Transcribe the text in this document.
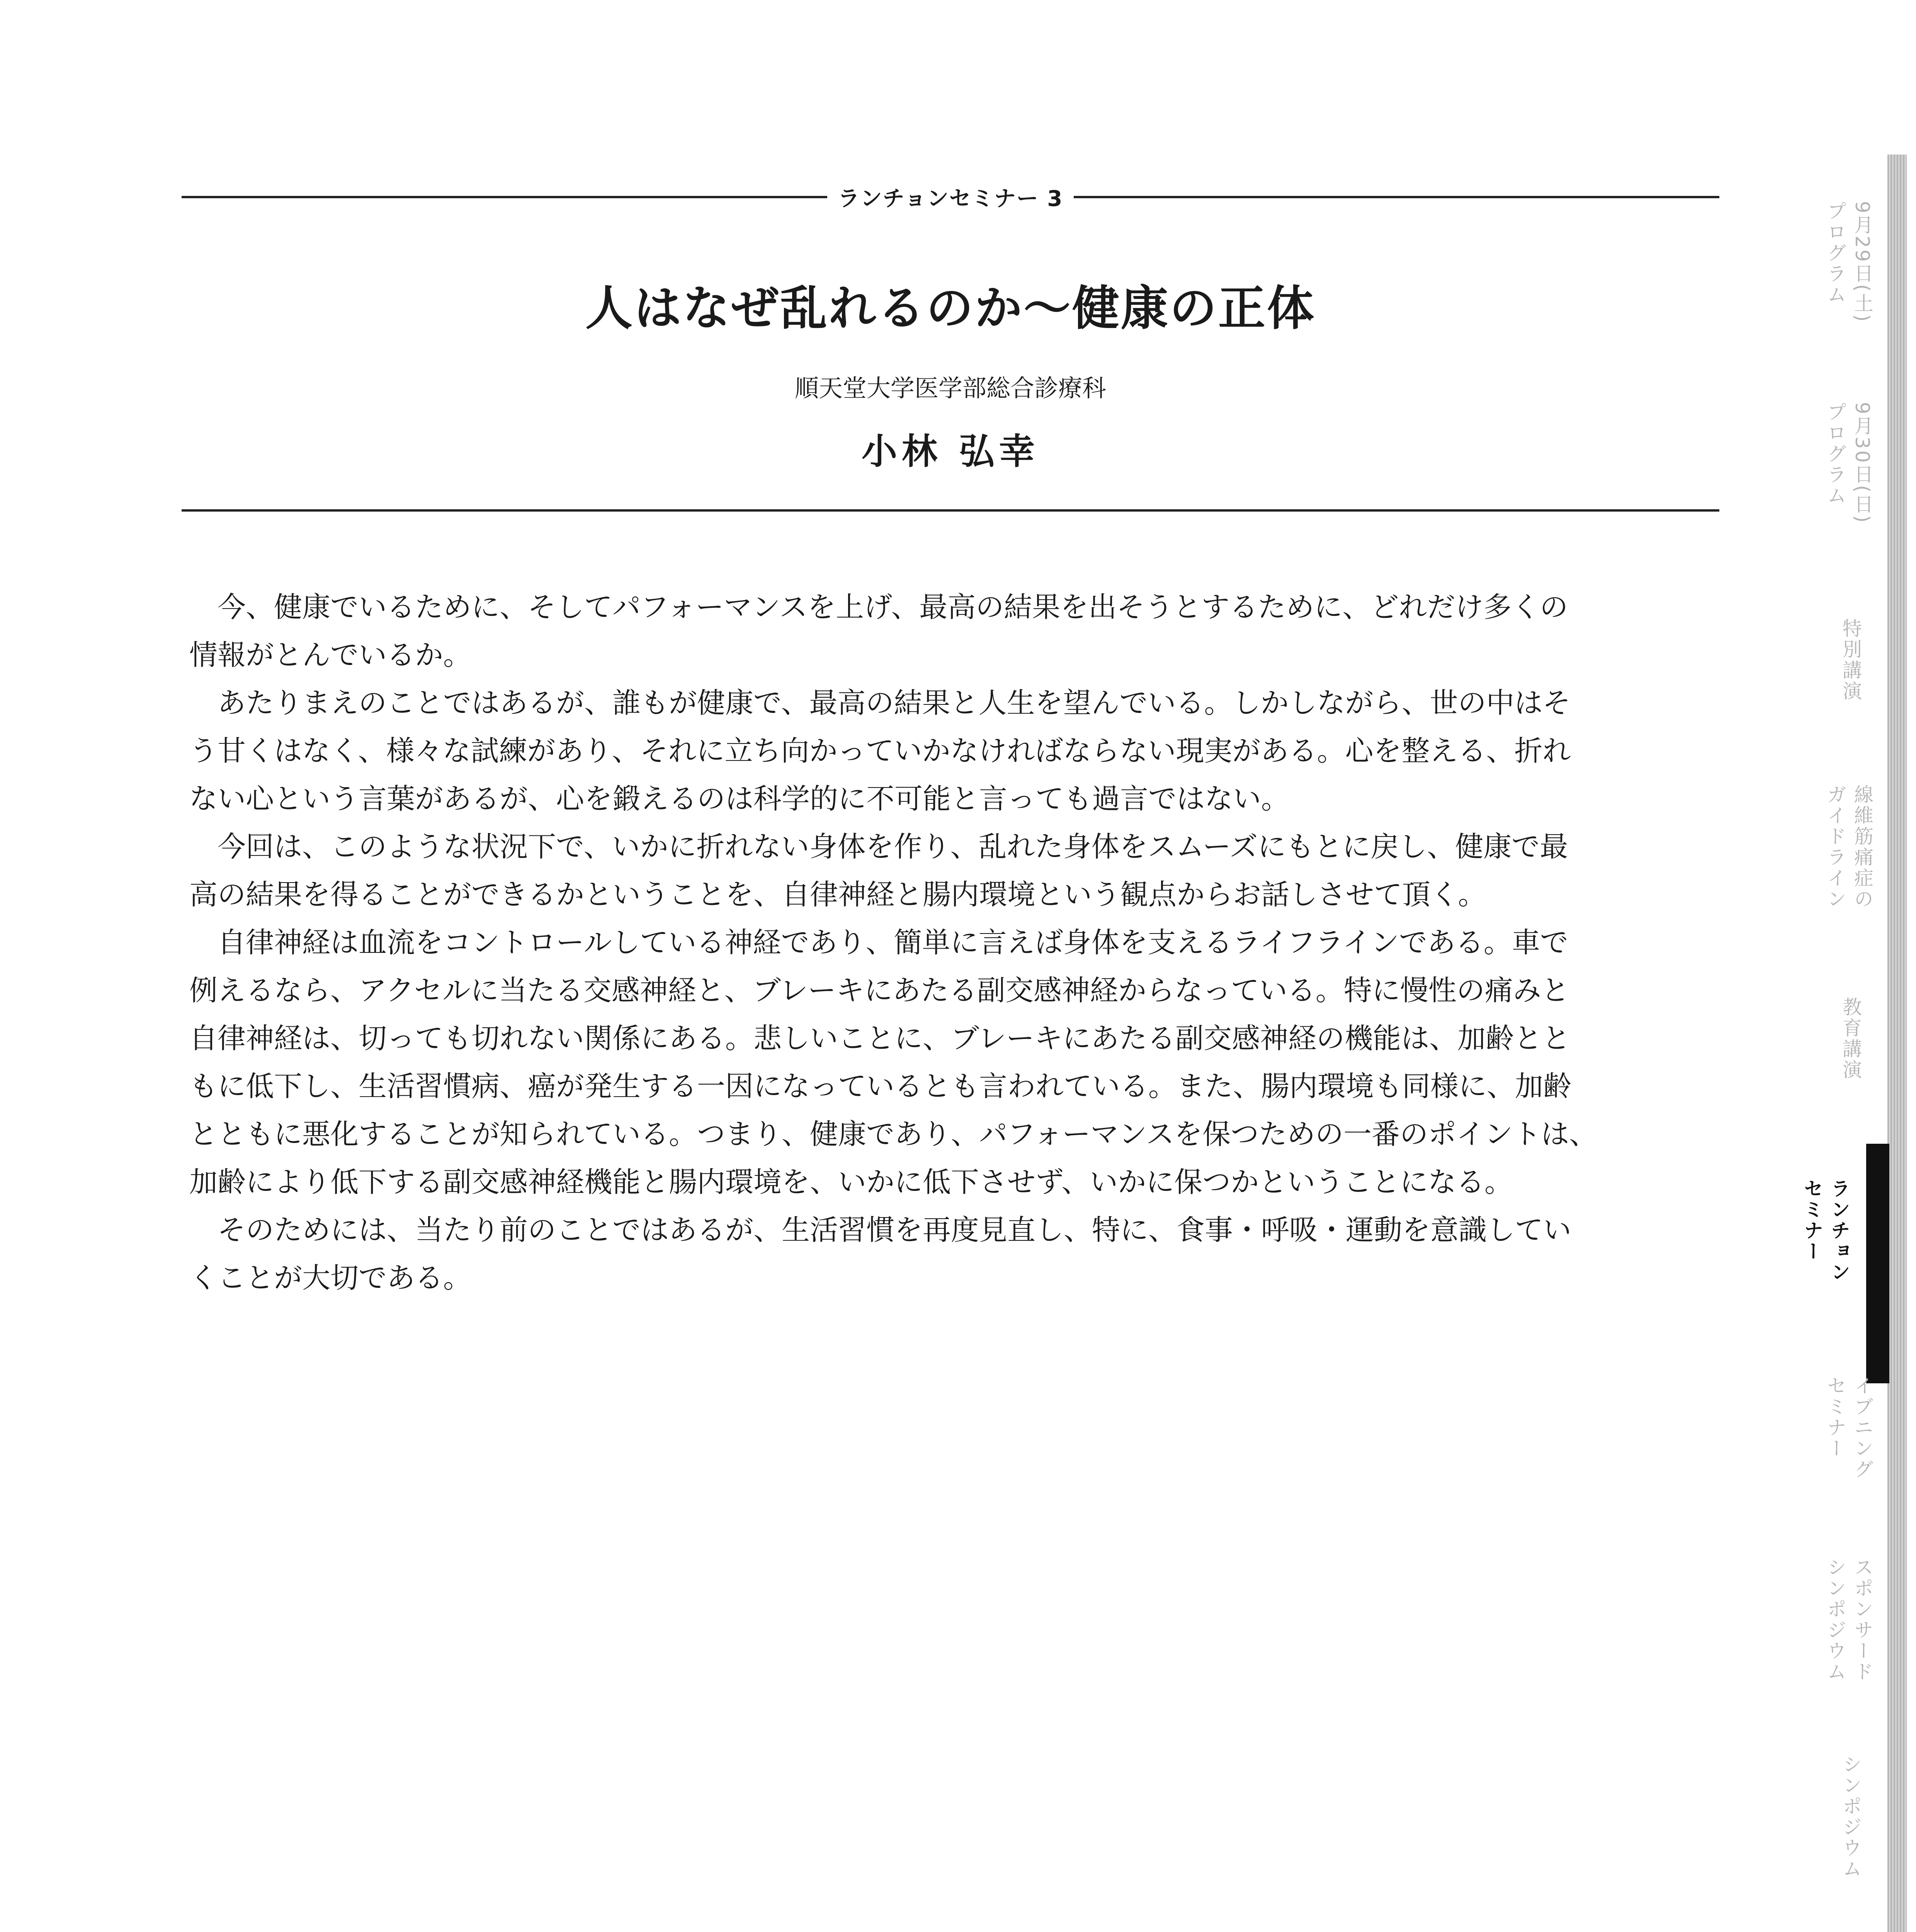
ランチョンセミナー 3
人はなぜ乱れるのか～健康の正体
順天堂大学医学部総合診療科
小林 弘幸
　今、健康でいるために、そしてパフォーマンスを上げ、最高の結果を出そうとするために、どれだけ多くの
情報がとんでいるか。
　あたりまえのことではあるが、誰もが健康で、最高の結果と人生を望んでいる。しかしながら、世の中はそ
う甘くはなく、様々な試練があり、それに立ち向かっていかなければならない現実がある。心を整える、折れ
ない心という言葉があるが、心を鍛えるのは科学的に不可能と言っても過言ではない。
　今回は、このような状況下で、いかに折れない身体を作り、乱れた身体をスムーズにもとに戻し、健康で最
高の結果を得ることができるかということを、自律神経と腸内環境という観点からお話しさせて頂く。
　自律神経は血流をコントロールしている神経であり、簡単に言えば身体を支えるライフラインである。車で
例えるなら、アクセルに当たる交感神経と、ブレーキにあたる副交感神経からなっている。特に慢性の痛みと
自律神経は、切っても切れない関係にある。悲しいことに、ブレーキにあたる副交感神経の機能は、加齢とと
もに低下し、生活習慣病、癌が発生する一因になっているとも言われている。また、腸内環境も同様に、加齢
とともに悪化することが知られている。つまり、健康であり、パフォーマンスを保つための一番のポイントは、
加齢により低下する副交感神経機能と腸内環境を、いかに低下させず、いかに保つかということになる。
　そのためには、当たり前のことではあるが、生活習慣を再度見直し、特に、食事・呼吸・運動を意識してい
くことが大切である。
9月29日(土)
プログラム
9月30日(日)
プログラム
特別講演
線維筋痛症の
ガイドライン
教育講演
ランチョン
セミナー
イブニング
セミナー
スポンサード
シンポジウム
シンポジウム
